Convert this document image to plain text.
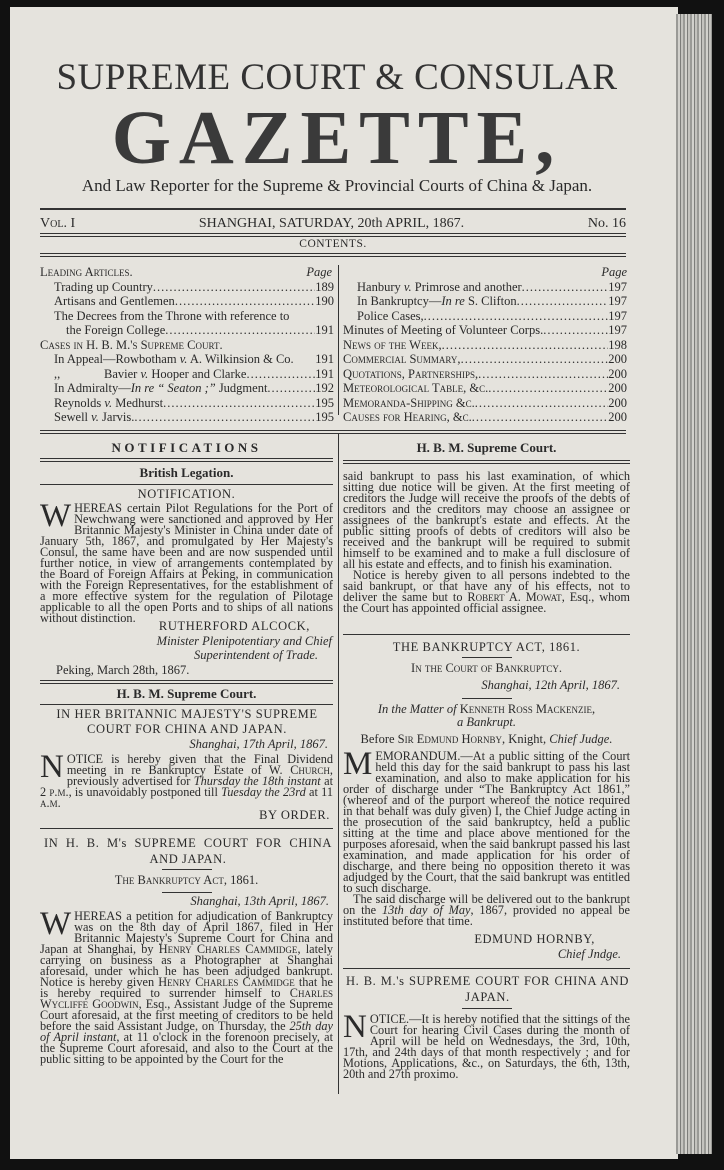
SUPREME COURT & CONSULAR
GAZETTE,
And Law Reporter for the Supreme & Provincial Courts of China & Japan.
Vol. I	SHANGHAI, SATURDAY, 20th APRIL, 1867.	No. 16
CONTENTS.
Page
Leading Articles.
Trading up Country .....	189
Artisans and Gentlemen .....	190
The Decrees from the Throne with reference to
the Foreign College .....	191
Cases in H. B. M.'s Supreme Court.
In Appeal—Rowbotham v. A. Wilkinsion & Co. 191
,,              Bavier v. Hooper and Clarke .....	191
In Admiralty—In re “ Seaton ;” Judgment .....	192
Reynolds v. Medhurst .....	195
Sewell v. Jarvis. .....	195
Page
Hanbury v. Primrose and another .....	197
In Bankruptcy—In re S. Clifton .....	197
Police Cases, .....	197
Minutes of Meeting of Volunteer Corps. .....	197
News of the Week, .....	198
Commercial Summary, .....	200
Quotations, Partnerships, .....	200
Meteorological Table, &c. .....	200
Memoranda-Shipping &c. .....	200
Causes for Hearing, &c. .....	200
NOTIFICATIONS
British Legation.
NOTIFICATION.

WHEREAS certain Pilot Regulations for the Port of Newchwang were sanctioned and approved by Her Britannic Majesty's Minister in China under date of January 5th, 1867, and promulgated by Her Majesty's Consul, the same have been and are now suspended until further notice, in view of arrangements contemplated by the Board of Foreign Affairs at Peking, in communication with the Foreign Representatives, for the establishment of a more effective system for the regulation of Pilotage applicable to all the open Ports and to ships of all nations without distinction.

RUTHERFORD ALCOCK,
Minister Plenipotentiary and Chief
Superintendent of Trade.
Peking, March 28th, 1867.
H. B. M. Supreme Court.
IN HER BRITANNIC MAJESTY'S SUPREME COURT FOR CHINA AND JAPAN.
Shanghai, 17th April, 1867.

NOTICE is hereby given that the Final Dividend meeting in re Bankruptcy Estate of W. Church, previously advertised for Thursday the 18th instant at 2 p.m., is unavoidably postponed till Tuesday the 23rd at 11 a.m.

BY ORDER.
IN H. B. M's SUPREME COURT FOR CHINA AND JAPAN.
The Bankruptcy Act, 1861.
Shanghai, 13th April, 1867.

WHEREAS a petition for adjudication of Bankruptcy was on the 8th day of April 1867, filed in Her Britannic Majesty's Supreme Court for China and Japan at Shanghai, by Henry Charles Cammidge, lately carrying on business as a Photographer at Shanghai aforesaid, under which he has been adjudged bankrupt. Notice is hereby given Henry Charles Cammidge that he is hereby required to surrender himself to Charles Wycliffe Goodwin, Esq., Assistant Judge of the Supreme Court aforesaid, at the first meeting of creditors to be held before the said Assistant Judge, on Thursday, the 25th day of April instant, at 11 o'clock in the forenoon precisely, at the Supreme Court aforesaid, and also to the Court at the public sitting to be appointed by the Court for the

H. B. M. Supreme Court.

said bankrupt to pass his last examination, of which sitting due notice will be given. At the first meeting of creditors the Judge will receive the proofs of the debts of creditors and the creditors may choose an assignee or assignees of the bankrupt's estate and effects. At the public sitting proofs of debts of creditors will also be received and the bankrupt will be required to submit himself to be examined and to make a full disclosure of all his estate and effects, and to finish his examination.

Notice is hereby given to all persons indebted to the said bankrupt, or that have any of his effects, not to deliver the same but to Robert A. Mowat, Esq., whom the Court has appointed official assignee.

THE BANKRUPTCY ACT, 1861.
In the Court of Bankruptcy.
Shanghai, 12th April, 1867.
In the Matter of Kenneth Ross Mackenzie,
a Bankrupt.
Before Sir Edmund Hornby, Knight, Chief Judge.

MEMORANDUM.—At a public sitting of the Court held this day for the said bankrupt to pass his last examination, and also to make application for his order of discharge under “The Bankruptcy Act 1861,” (whereof and of the purport whereof the notice required in that behalf was duly given) I, the Chief Judge acting in the prosecution of the said bankruptcy, held a public sitting at the time and place above mentioned for the purposes aforesaid, when the said bankrupt passed his last examination, and made application for his order of discharge, and there being no opposition thereto it was adjudged by the Court, that the said bankrupt was entitled to such discharge.

The said discharge will be delivered out to the bankrupt on the 13th day of May, 1867, provided no appeal be instituted before that time.

EDMUND HORNBY,
Chief Jndge.
H. B. M.'s SUPREME COURT FOR CHINA AND JAPAN.

NOTICE.—It is hereby notified that the sittings of the Court for hearing Civil Cases during the month of April will be held on Wednesdays, the 3rd, 10th, 17th, and 24th days of that month respectively ; and for Motions, Applications, &c., on Saturdays, the 6th, 13th, 20th and 27th proximo.
